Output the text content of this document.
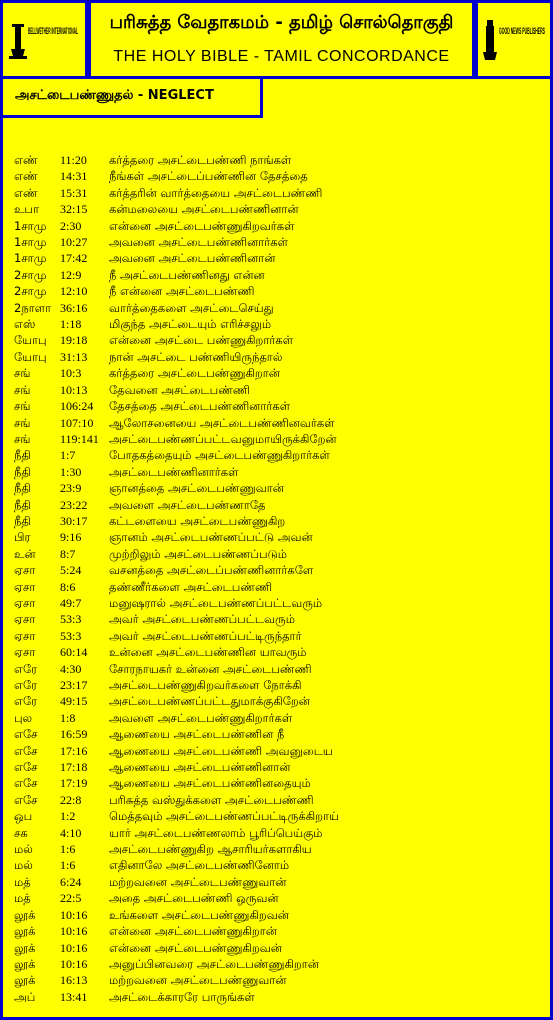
BELLWETHER INTERNATIONAL	பரிசுத்த வேதாகமம் - தமிழ் சொல்தொகுதி
THE HOLY BIBLE - TAMIL CONCORDANCE
GOOD NEWS PUBLISHERS
அசட்டைபண்ணுதல் - NEGLECT
எண் 11:20 கர்த்தரை அசட்டைபண்ணி நாங்கள்
எண் 14:31 நீங்கள் அசட்டைப்பண்ணின தேசத்தை
எண் 15:31 கர்த்தரின் வார்த்தையை அசட்டைபண்ணி
உபா 32:15 கன்மலையை அசட்டைபண்ணினான்
1சாமு 2:30 என்னை அசட்டைபண்ணுகிறவர்கள்
1சாமு 10:27 அவனை அசட்டைபண்ணினார்கள்
1சாமு 17:42 அவனை அசட்டைபண்ணினான்
2சாமு 12:9 நீ அசட்டைபண்ணினது என்ன
2சாமு 12:10 நீ என்னை அசட்டைபண்ணி
2நாளா 36:16 வார்த்தைகளை அசட்டைசெய்து
எஸ் 1:18 மிகுந்த அசட்டையும் எரிச்சலும்
யோபு 19:18 என்னை அசட்டை பண்ணுகிறார்கள்
யோபு 31:13 நான் அசட்டை பண்ணியிருந்தால்
சங் 10:3 கர்த்தரை அசட்டைபண்ணுகிறான்
சங் 10:13 தேவனை அசட்டைபண்ணி
சங் 106:24 தேசத்தை அசட்டைபண்ணினார்கள்
சங் 107:10 ஆலோசனையை அசட்டைபண்ணினவர்கள்
சங் 119:141 அசட்டைபண்ணப்பட்டவனுமாயிருக்கிறேன்
நீதி 1:7	போதகத்தையும் அசட்டைபண்ணுகிறார்கள்
நீதி 1:30 அசட்டைபண்ணினார்கள்
நீதி 23:9 ஞானத்தை அசட்டைபண்ணுவான்
நீதி 23:22 அவளை அசட்டைபண்ணாதே
நீதி 30:17 கட்டளையை அசட்டைபண்ணுகிற
பிர 9:16 ஞானம் அசட்டைபண்ணப்பட்டு அவன்
உன் 8:7	முற்றிலும் அசட்டைபண்ணப்படும்
ஏசா 5:24 வசனத்தை அசட்டைப்பண்ணினார்களே
ஏசா 8:6	தண்ணீர்களை அசட்டைபண்ணி
ஏசா 49:7 மனுஷரால் அசட்டைபண்ணப்பட்டவரும்
ஏசா 53:3 அவர் அசட்டைபண்ணப்பட்டவரும்
ஏசா 53:3 அவர் அசட்டைபண்ணப்பட்டிருந்தார்
ஏசா 60:14 உன்னை அசட்டைபண்ணின யாவரும்
எரே 4:30 சோரநாயகர் உன்னை அசட்டைபண்ணி
எரே 23:17 அசட்டைபண்ணுகிறவர்களை நோக்கி
எரே 49:15 அசட்டைபண்ணப்பட்டதுமாக்குகிறேன்
புல 1:8	அவளை அசட்டைபண்ணுகிறார்கள்
எசே 16:59 ஆணையை அசட்டைபண்ணின நீ
எசே 17:16 ஆணையை அசட்டைபண்ணி அவனுடைய
எசே 17:18 ஆணையை அசட்டைபண்ணினான்
எசே 17:19 ஆணையை அசட்டைபண்ணினதையும்
எசே 22:8 பரிசுத்த வஸ்துக்களை அசட்டைபண்ணி
ஒப 1:2	மெத்தவும் அசட்டைபண்ணப்பட்டிருக்கிறாய்
சக	4:10 யார் அசட்டைபண்ணலாம் பூரிப்பெய்கும்
மல் 1:6	அசட்டைபண்ணுகிற ஆசாரியர்களாகிய
மல் 1:6	எதினாலே அசட்டைபண்ணினோம்
மத் 6:24 மற்றவனை அசட்டைபண்ணுவான்
மத் 22:5 அதை அசட்டைபண்ணி ஒருவன்
லூக் 10:16 உங்களை அசட்டைபண்ணுகிறவன்
லூக் 10:16 என்னை அசட்டைபண்ணுகிறான்
லூக் 10:16 என்னை அசட்டைபண்ணுகிறவன்
லூக் 10:16 அனுப்பினவரை அசட்டைபண்ணுகிறான்
லூக் 16:13 மற்றவனை அசட்டைபண்ணுவான்
அப் 13:41 அசட்டைக்காரரே பாருங்கள்
